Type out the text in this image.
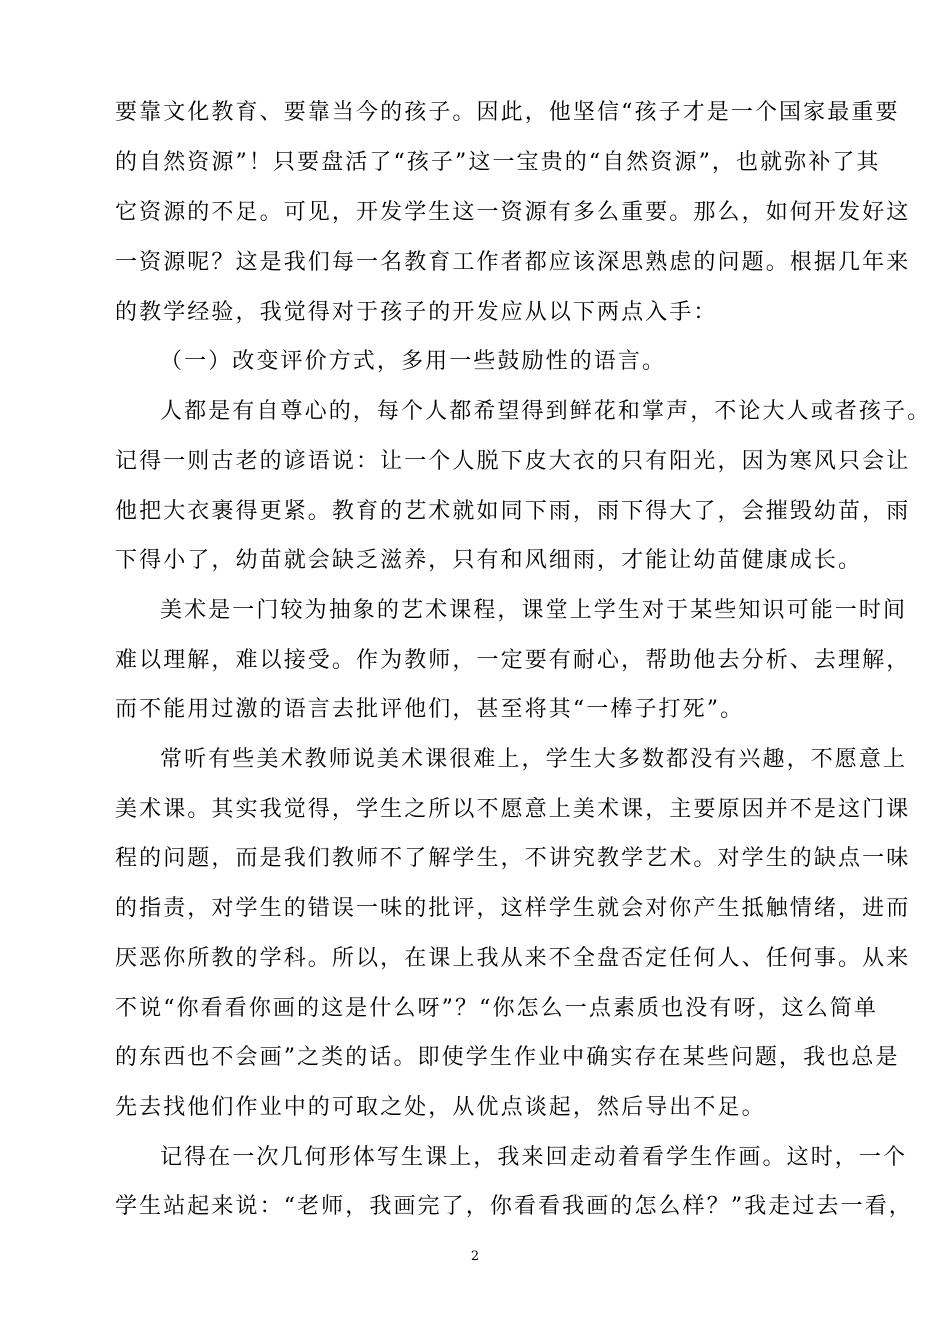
要靠文化教育、要靠当今的孩子。因此，他坚信“孩子才是一个国家最重要
的自然资源”！只要盘活了“孩子”这一宝贵的“自然资源”，也就弥补了其
它资源的不足。可见，开发学生这一资源有多么重要。那么，如何开发好这
一资源呢？这是我们每一名教育工作者都应该深思熟虑的问题。根据几年来
的教学经验，我觉得对于孩子的开发应从以下两点入手：
（一）改变评价方式，多用一些鼓励性的语言。
人都是有自尊心的，每个人都希望得到鲜花和掌声，不论大人或者孩子。
记得一则古老的谚语说：让一个人脱下皮大衣的只有阳光，因为寒风只会让
他把大衣裹得更紧。教育的艺术就如同下雨，雨下得大了，会摧毁幼苗，雨
下得小了，幼苗就会缺乏滋养，只有和风细雨，才能让幼苗健康成长。
美术是一门较为抽象的艺术课程，课堂上学生对于某些知识可能一时间
难以理解，难以接受。作为教师，一定要有耐心，帮助他去分析、去理解，
而不能用过激的语言去批评他们，甚至将其“一棒子打死”。
常听有些美术教师说美术课很难上，学生大多数都没有兴趣，不愿意上
美术课。其实我觉得，学生之所以不愿意上美术课，主要原因并不是这门课
程的问题，而是我们教师不了解学生，不讲究教学艺术。对学生的缺点一味
的指责，对学生的错误一味的批评，这样学生就会对你产生抵触情绪，进而
厌恶你所教的学科。所以，在课上我从来不全盘否定任何人、任何事。从来
不说“你看看你画的这是什么呀”？“你怎么一点素质也没有呀，这么简单
的东西也不会画”之类的话。即使学生作业中确实存在某些问题，我也总是
先去找他们作业中的可取之处，从优点谈起，然后导出不足。
记得在一次几何形体写生课上，我来回走动着看学生作画。这时，一个
学生站起来说：“老师，我画完了，你看看我画的怎么样？”我走过去一看，
2
